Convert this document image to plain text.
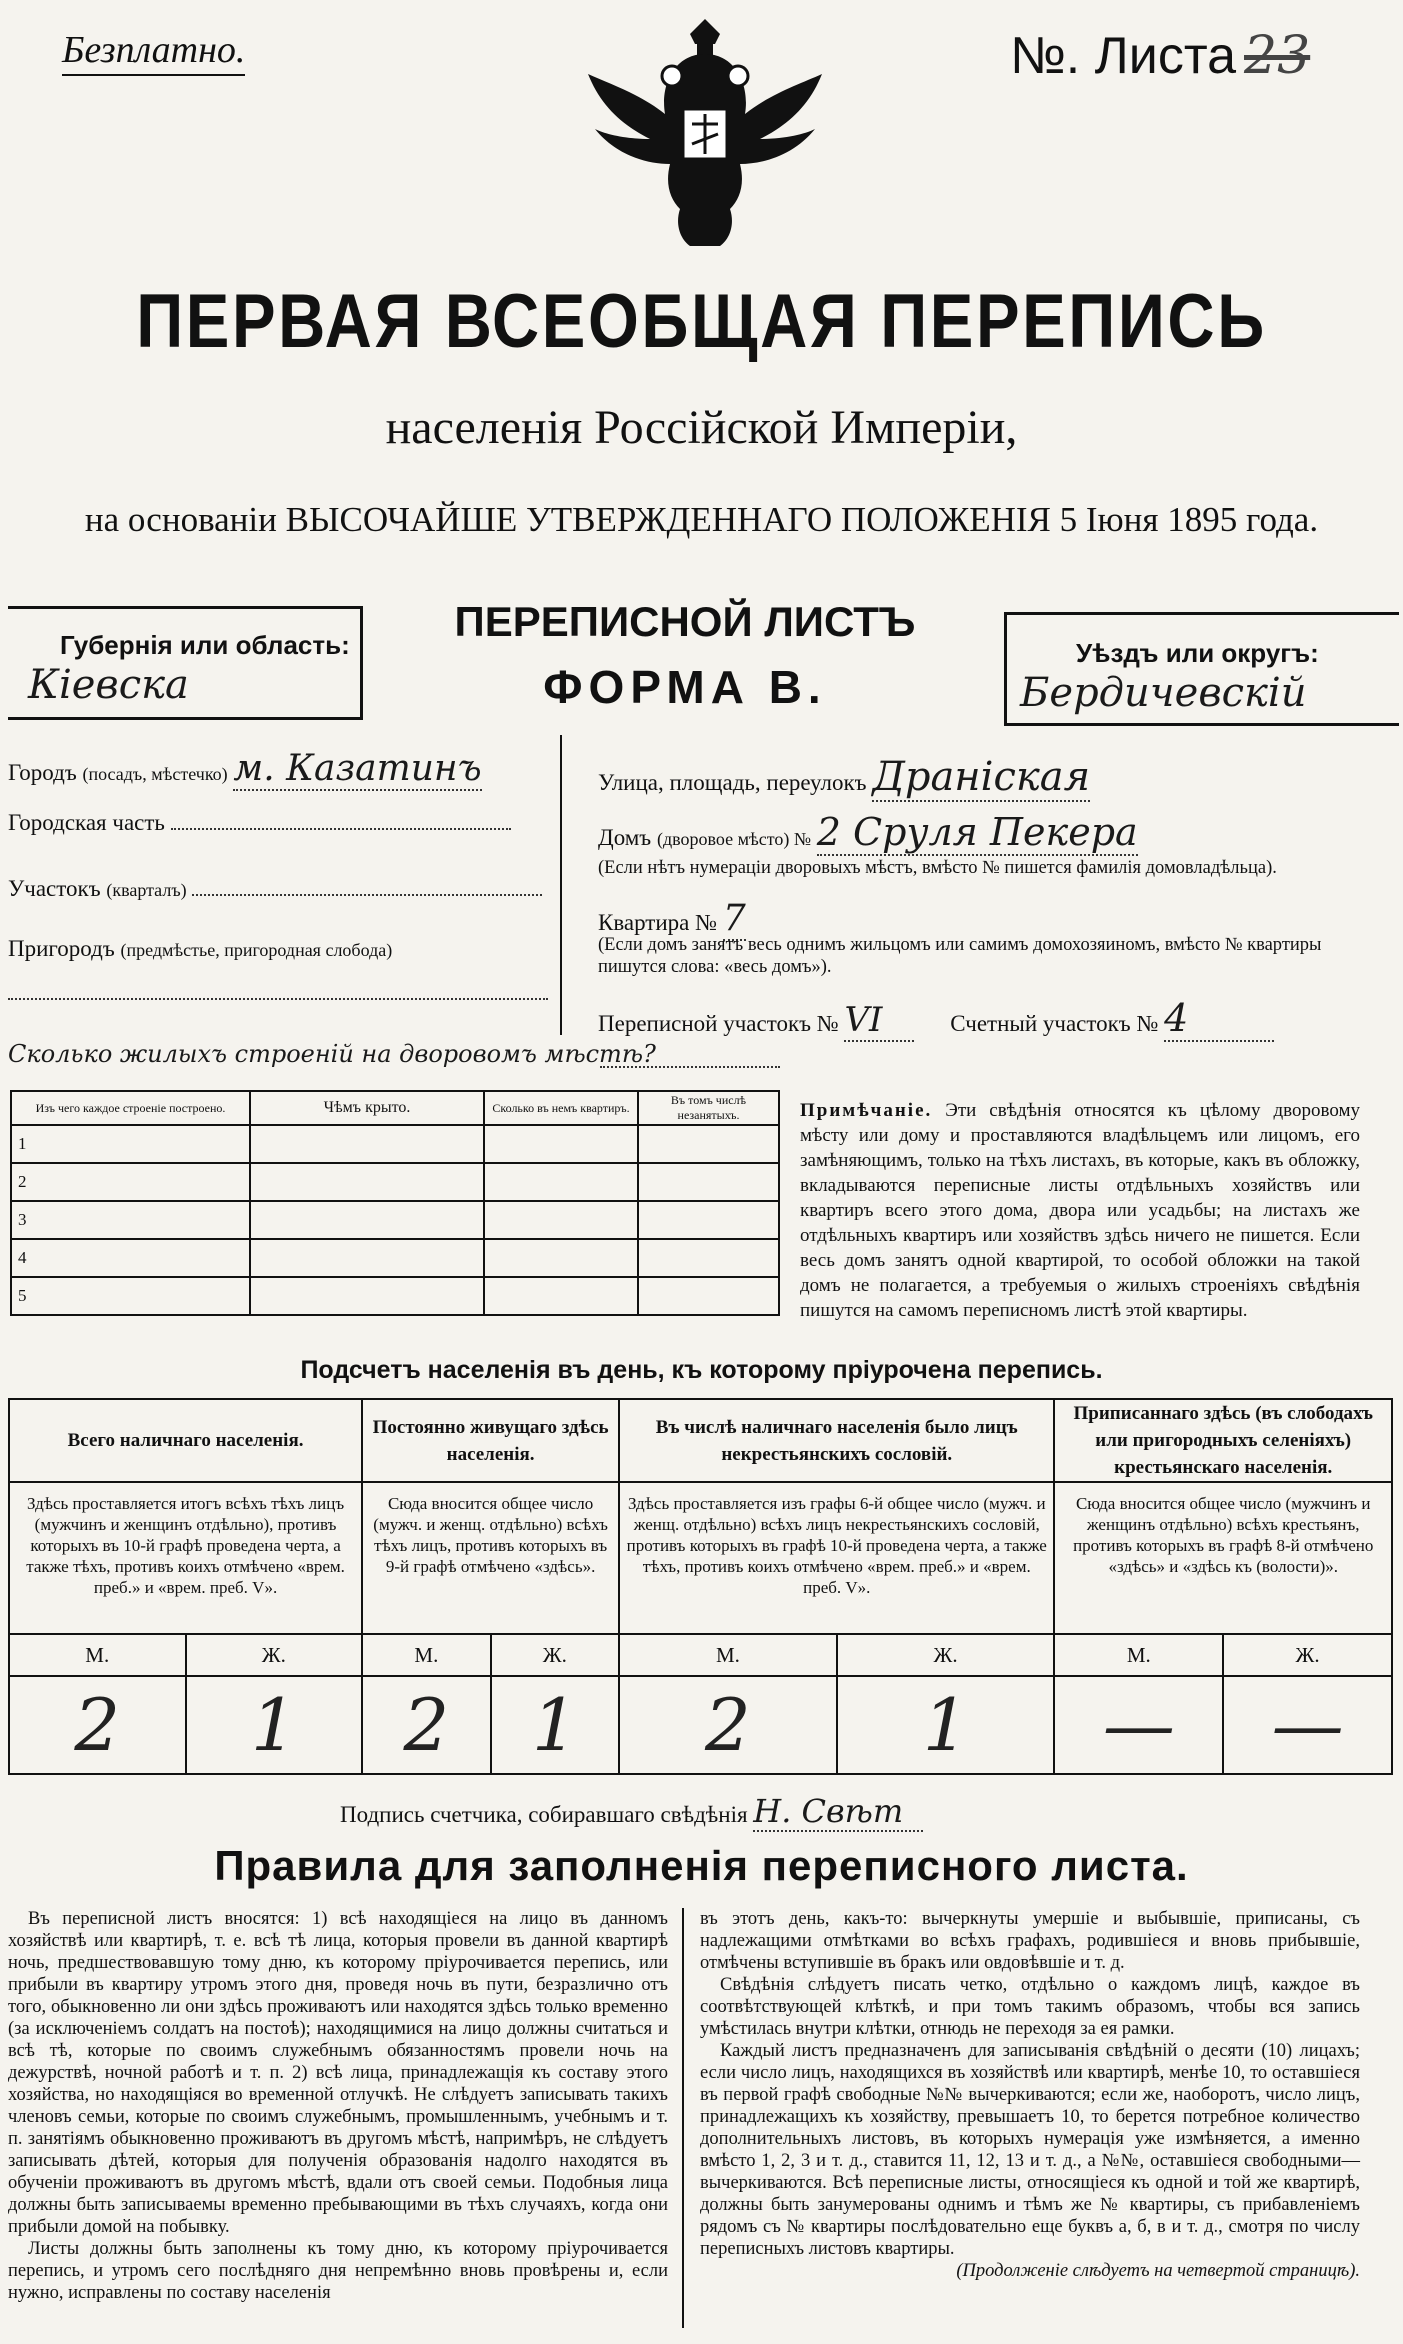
Безплатно.	№. Листа 23
ПЕРВАЯ ВСЕОБЩАЯ ПЕРЕПИСЬ
населенія Россійской Имперіи,
на основаніи ВЫСОЧАЙШЕ УТВЕРЖДЕННАГО ПОЛОЖЕНІЯ 5 Іюня 1895 года.
Губернія или область:
Кіевска
ПЕРЕПИСНОЙ ЛИСТЪ
ФОРМА В.
Уѣздъ или округъ:
Бердичевскій
Городъ (посадъ, мѣстечко) м. Казатинъ
Городская часть
Участокъ (кварталъ)
Пригородъ (предмѣстье, пригородная слобода)
Улица, площадь, переулокъ Дранiская
Домъ (дворовое мѣсто) № 2 Сруля Пекера
(Если нѣтъ нумераціи дворовыхъ мѣстъ, вмѣсто № пишется фамилія домовладѣльца).
Квартира № 7
(Если домъ занятъ весь однимъ жильцомъ или самимъ домохозяиномъ, вмѣсто № квартиры пишутся слова: «весь домъ»).
Переписной участокъ № VI	Счетный участокъ № 4
Сколько жилыхъ строеній на дворовомъ мѣстѣ?
Изъ чего каждое строеніе построено.	Чѣмъ крыто.	Сколько въ немъ квартиръ.	Въ томъ числѣ незанятыхъ.
1			
2			
3			
4			
5			
Примѣчаніе. Эти свѣдѣнія относятся къ цѣлому дворовому мѣсту или дому и проставляются владѣльцемъ или лицомъ, его замѣняющимъ, только на тѣхъ листахъ, въ которые, какъ въ обложку, вкладываются переписные листы отдѣльныхъ хозяйствъ или квартиръ всего этого дома, двора или усадьбы; на листахъ же отдѣльныхъ квартиръ или хозяйствъ здѣсь ничего не пишется. Если весь домъ занятъ одной квартирой, то особой обложки на такой домъ не полагается, а требуемыя о жилыхъ строеніяхъ свѣдѣнія пишутся на самомъ переписномъ листѣ этой квартиры.
Подсчетъ населенія въ день, къ которому пріурочена перепись.
Всего наличнаго населенія.		Постоянно живущаго здѣсь населенія.		Въ числѣ наличнаго населенія было лицъ некрестьянскихъ сословій.		Приписаннаго здѣсь (въ слободахъ или пригородныхъ селеніяхъ) крестьянскаго населенія.	
Здѣсь проставляется итогъ всѣхъ тѣхъ лицъ (мужчинъ и женщинъ отдѣльно), противъ которыхъ въ 10-й графѣ проведена черта, а также тѣхъ, противъ коихъ отмѣчено «врем. преб.» и «врем. преб. V».		Сюда вносится общее число (мужч. и женщ. отдѣльно) всѣхъ тѣхъ лицъ, противъ которыхъ въ 9-й графѣ отмѣчено «здѣсь».		Здѣсь проставляется изъ графы 6-й общее число (мужч. и женщ. отдѣльно) всѣхъ лицъ некрестьянскихъ сословій, противъ которыхъ въ графѣ 10-й проведена черта, а также тѣхъ, противъ коихъ отмѣчено «врем. преб.» и «врем. преб. V».		Сюда вносится общее число (мужчинъ и женщинъ отдѣльно) всѣхъ крестьянъ, противъ которыхъ въ графѣ 8-й отмѣчено «здѣсь» и «здѣсь къ (волости)».	
М.	Ж.	М.	Ж.	М.	Ж.	М.	Ж.
2	1	2	1	2	1	—	—
Подпись счетчика, собиравшаго свѣдѣнія Н. Свѣт
Правила для заполненія переписного листа.

Въ переписной листъ вносятся: 1) всѣ находящіеся на лицо въ данномъ хозяйствѣ или квартирѣ, т. е. всѣ тѣ лица, которыя провели въ данной квартирѣ ночь, предшествовавшую тому дню, къ которому пріурочивается перепись, или прибыли въ квартиру утромъ этого дня, проведя ночь въ пути, безразлично отъ того, обыкновенно ли они здѣсь проживаютъ или находятся здѣсь только временно (за исключеніемъ солдатъ на постоѣ); находящимися на лицо должны считаться и всѣ тѣ, которые по своимъ служебнымъ обязанностямъ провели ночь на дежурствѣ, ночной работѣ и т. п. 2) всѣ лица, принадлежащія къ составу этого хозяйства, но находящіяся во временной отлучкѣ. Не слѣдуетъ записывать такихъ членовъ семьи, которые по своимъ служебнымъ, промышленнымъ, учебнымъ и т. п. занятіямъ обыкновенно проживаютъ въ другомъ мѣстѣ, напримѣръ, не слѣдуетъ записывать дѣтей, которыя для полученія образованія надолго находятся въ обученіи проживаютъ въ другомъ мѣстѣ, вдали отъ своей семьи. Подобныя лица должны быть записываемы временно пребывающими въ тѣхъ случаяхъ, когда они прибыли домой на побывку.

Листы должны быть заполнены къ тому дню, къ которому пріурочивается перепись, и утромъ сего послѣдняго дня непремѣнно вновь провѣрены и, если нужно, исправлены по составу населенія

въ этотъ день, какъ-то: вычеркнуты умершіе и выбывшіе, приписаны, съ надлежащими отмѣтками во всѣхъ графахъ, родившіеся и вновь прибывшіе, отмѣчены вступившіе въ бракъ или овдовѣвшіе и т. д.

Свѣдѣнія слѣдуетъ писать четко, отдѣльно о каждомъ лицѣ, каждое въ соотвѣтствующей клѣткѣ, и при томъ такимъ образомъ, чтобы вся запись умѣстилась внутри клѣтки, отнюдь не переходя за ея рамки.

Каждый листъ предназначенъ для записыванія свѣдѣній о десяти (10) лицахъ; если число лицъ, находящихся въ хозяйствѣ или квартирѣ, менѣе 10, то оставшіеся въ первой графѣ свободные №№ вычеркиваются; если же, наоборотъ, число лицъ, принадлежащихъ къ хозяйству, превышаетъ 10, то берется потребное количество дополнительныхъ листовъ, въ которыхъ нумерація уже измѣняется, а именно вмѣсто 1, 2, 3 и т. д., ставится 11, 12, 13 и т. д., а №№, оставшіеся свободными—вычеркиваются. Всѣ переписные листы, относящіеся къ одной и той же квартирѣ, должны быть занумерованы однимъ и тѣмъ же № квартиры, съ прибавленіемъ рядомъ съ № квартиры послѣдовательно еще буквъ а, б, в и т. д., смотря по числу переписныхъ листовъ квартиры.

(Продолженіе слѣдуетъ на четвертой страницѣ).
